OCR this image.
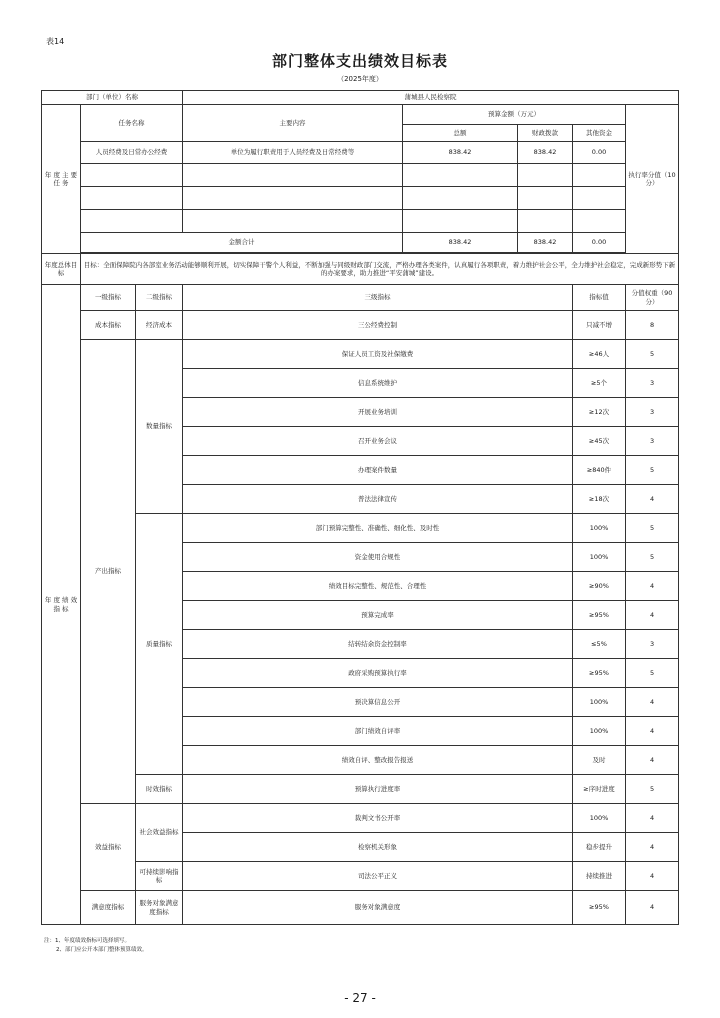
表14
部门整体支出绩效目标表
（2025年度）
部门（单位）名称			蒲城县人民检察院				
年 度 主 要 任 务	任务名称		主要内容	预算金额（万元）			执行率分值（10分）
				总额	财政拨款	其他资金	
	人员经费及日常办公经费		单位为履行职责用于人员经费及日常经费等	838.42	838.42	0.00	

	金额合计			838.42	838.42	0.00	

年度总体目标	目标：全面保障院内各部室业务活动能够顺利开展，切实保障干警个人利益，不断加强与同级财政部门交流，严格办理各类案件，认真履行各项职责，着力维护社会公平，全力维护社会稳定，完成新形势下新的办案要求，助力推进“平安蒲城”建设。						
年 度 绩 效 指 标	一级指标	二级指标	三级指标			指标值	分值权重（90分）
	成本指标	经济成本	三公经费控制			只减不增	8
	产出指标	数量指标	保证人员工资及社保缴费			≥46人	5
			信息系统维护			≥5个	3
			开展业务培训			≥12次	3
			召开业务会议			≥45次	3
			办理案件数量			≥840件	5
			普法法律宣传			≥18次	4
		质量指标	部门预算完整性、准确性、细化性、及时性			100%	5
			资金使用合规性			100%	5
			绩效目标完整性、规范性、合理性			≥90%	4
			预算完成率			≥95%	4
			结转结余资金控制率			≤5%	3
			政府采购预算执行率			≥95%	5
			预决算信息公开			100%	4
			部门绩效自评率			100%	4
			绩效自评、整改报告报送			及时	4
		时效指标	预算执行进度率			≥序时进度	5
	效益指标	社会效益指标	裁判文书公开率			100%	4
			检察机关形象			稳步提升	4
		可持续影响指标	司法公平正义			持续推进	4
	满意度指标	服务对象满意度指标	服务对象满意度			≥95%	4
注：1、年度绩效指标可选择填写。
2、部门应公开本部门整体预算绩效。
- 27 -
